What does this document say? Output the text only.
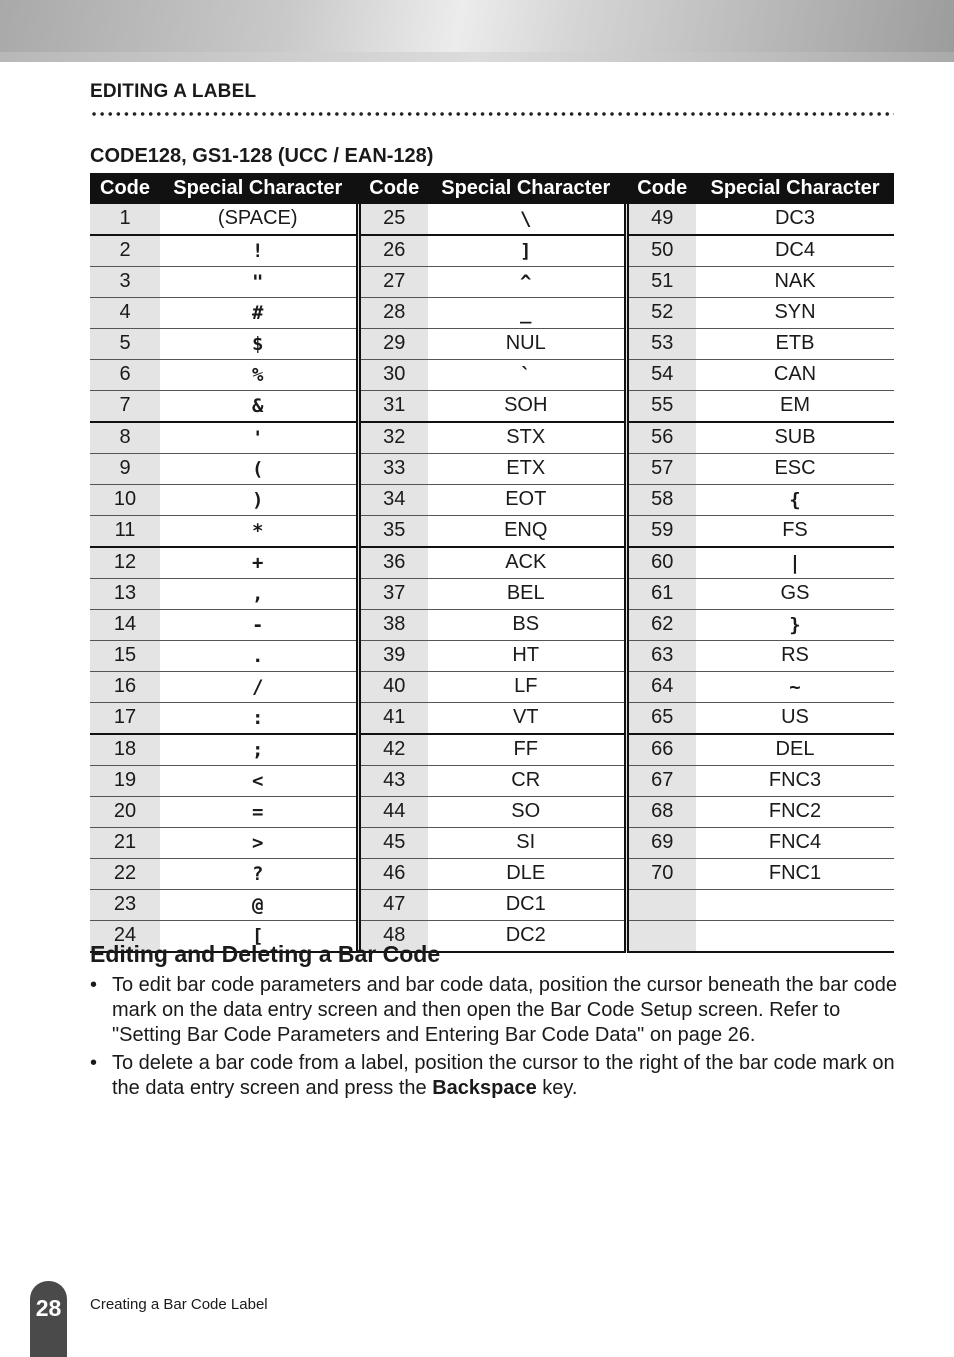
EDITING A LABEL
CODE128, GS1-128 (UCC / EAN-128)
Code	Special Character	Code	Special Character	Code	Special Character
1	(SPACE)	25	\	49	DC3
2	!	26	]	50	DC4
3	"	27	^	51	NAK
4	#	28	_	52	SYN
5	$	29	NUL	53	ETB
6	%	30	`	54	CAN
7	&	31	SOH	55	EM
8	'	32	STX	56	SUB
9	(	33	ETX	57	ESC
10	)	34	EOT	58	{
11	*	35	ENQ	59	FS
12	+	36	ACK	60	|
13	,	37	BEL	61	GS
14	-	38	BS	62	}
15	.	39	HT	63	RS
16	/	40	LF	64	~
17	:	41	VT	65	US
18	;	42	FF	66	DEL
19	<	43	CR	67	FNC3
20	=	44	SO	68	FNC2
21	>	45	SI	69	FNC4
22	?	46	DLE	70	FNC1
23	@	47	DC1		
24	[	48	DC2		
Editing and Deleting a Bar Code
• To edit bar code parameters and bar code data, position the cursor beneath the bar code mark on the data entry screen and then open the Bar Code Setup screen. Refer to "Setting Bar Code Parameters and Entering Bar Code Data" on page 26.
• To delete a bar code from a label, position the cursor to the right of the bar code mark on the data entry screen and press the Backspace key.
28	Creating a Bar Code Label
